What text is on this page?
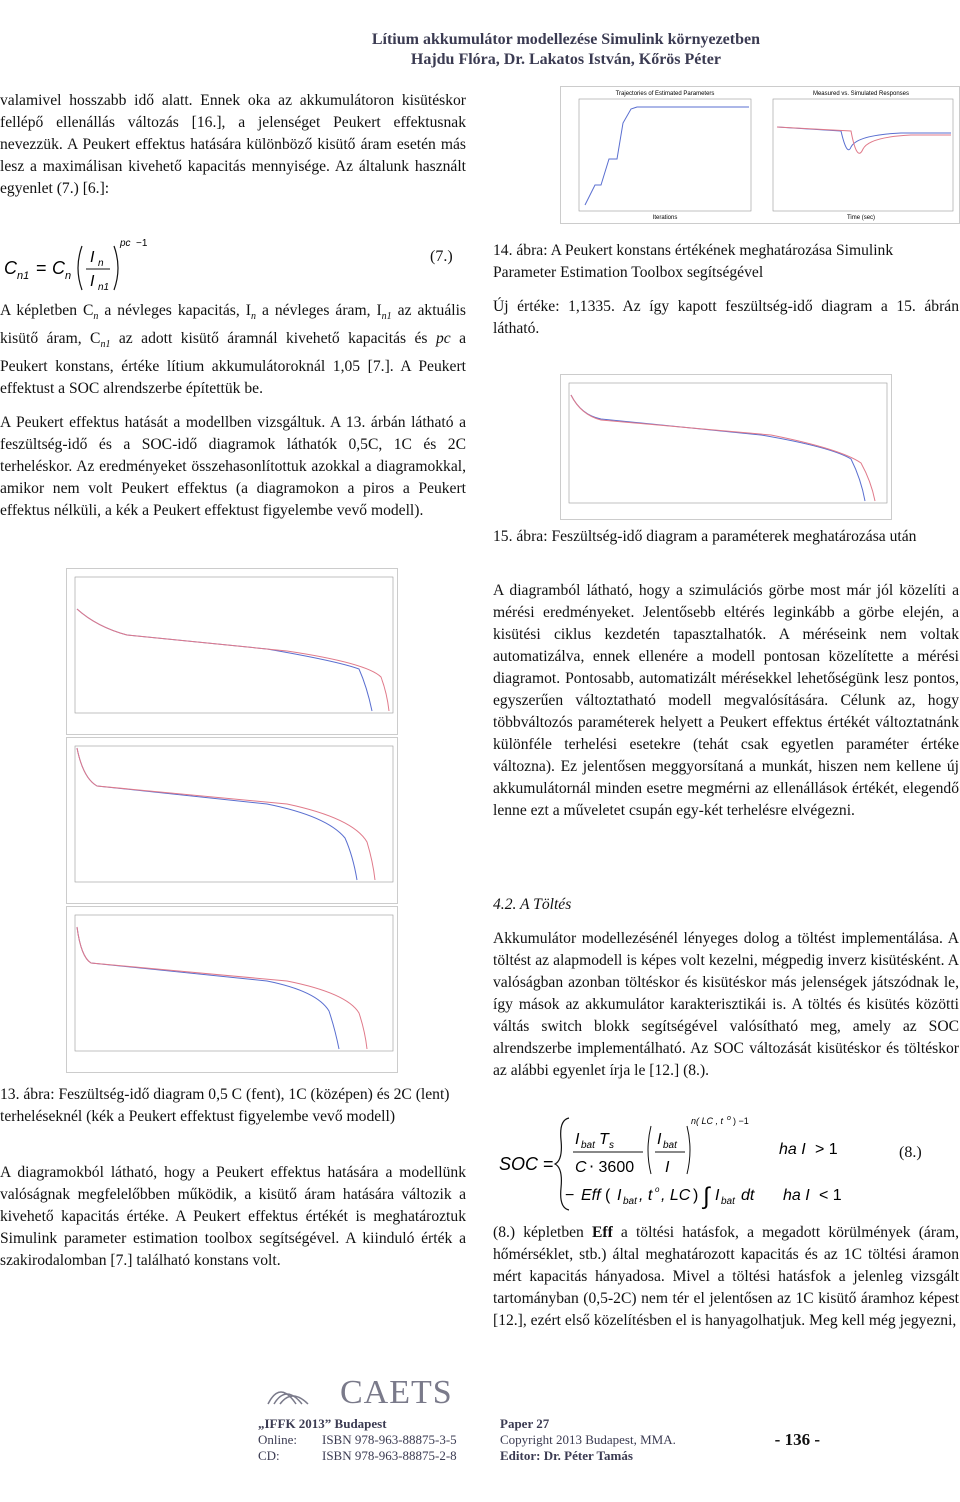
Lítium akkumulátor modellezése Simulink környezetben
Hajdu Flóra, Dr. Lakatos István, Kőrös Péter

valamivel hosszabb idő alatt. Ennek oka az akkumulátoron kisütéskor fellépő ellenállás változás [16.], a jelenséget Peukert effektusnak nevezzük. A Peukert effektus hatására különböző kisütő áram esetén más lesz a maximálisan kivehető kapacitás mennyisége. Az általunk használt egyenlet (7.) [6.]:

C n1 = C n
I n
I n1
pc −1
(7.)

A képletben $C_n$ a névleges kapacitás, $I_n$ a névleges áram, $I_{n1}$ az aktuális kisütő áram, $C_{n1}$ az adott kisütő áramnál kivehető kapacitás és pc a Peukert konstans, értéke lítium akkumulátoroknál 1,05 [7.]. A Peukert effektust a SOC alrendszerbe építettük be.

A Peukert effektus hatását a modellben vizsgáltuk. A 13. árbán látható a feszültség-idő és a SOC-idő diagramok láthatók 0,5C, 1C és 2C terheléskor. Az eredményeket összehasonlítottuk azokkal a diagramokkal, amikor nem volt Peukert effektus (a diagramokon a piros a Peukert effektus nélküli, a kék a Peukert effektust figyelembe vevő modell).

13. ábra: Feszültség-idő diagram 0,5 C (fent), 1C (középen) és 2C (lent) terheléseknél (kék a Peukert effektust figyelembe vevő modell)
A diagramokból látható, hogy a Peukert effektus hatására a modellünk valóságnak megfelelőbben működik, a kisütő áram hatására változik a kivehető kapacitás értéke. A Peukert effektus értékét is meghatároztuk Simulink parameter estimation toolbox segítségével. A kiinduló érték a szakirodalomban [7.] található konstans volt.
Trajectories of Estimated Parameters	Measured vs. Simulated Responses
Iterations	Time (sec)
14. ábra: A Peukert konstans értékének meghatározása Simulink Parameter Estimation Toolbox segítségével
Új értéke: 1,1335. Az így kapott feszültség-idő diagram a 15. ábrán látható.
15. ábra: Feszültség-idő diagram a paraméterek meghatározása után
A diagramból látható, hogy a szimulációs görbe most már jól közelíti a mérési eredményeket. Jelentősebb eltérés leginkább a görbe elején, a kisütési ciklus kezdetén tapasztalhatók. A méréseink nem voltak automatizálva, ennek ellenére a modell pontosan közelítette a mérési diagramot. Pontosabb, automatizált mérésekkel lehetőségünk lesz pontos, egyszerűen változtatható modell megvalósítására. Célunk az, hogy többváltozós paraméterek helyett a Peukert effektus értékét változtatnánk különféle terhelési esetekre (tehát csak egyetlen paraméter értéke változna). Ez jelentősen meggyorsítaná a munkát, hiszen nem kellene új akkumulátornál minden esetre megmérni az ellenállások értékét, elegendő lenne ezt a műveletet csupán egy-két terhelésre elvégezni.
4.2. A Töltés
Akkumulátor modellezésénél lényeges dolog a töltést implementálása. A töltést az alapmodell is képes volt kezelni, mégpedig inverz kisütésként. A valóságban azonban töltéskor és kisütéskor más jelenségek játszódnak le, így mások az akkumulátor karakterisztikái is. A töltés és kisütés közötti váltás switch blokk segítségével valósítható meg, amely az SOC alrendszerbe implementálható. Az SOC változását kisütéskor és töltéskor az alábbi egyenlet írja le [12.] (8.).
SOC =
I bat T s
C ⋅ 3600
I bat
I
n( LC , t o ) −1
ha I > 1
− Eff ( I bat , t o , LC ) ∫ I bat dt ha I < 1
(8.)
(8.) képletben Eff a töltési hatásfok, a megadott körülmények (áram, hőmérséklet, stb.) által meghatározott kapacitás és az 1C töltési áramon mért kapacitás hányadosa. Mivel a töltési hatásfok a jelenleg vizsgált tartományban (0,5-2C) nem tér el jelentősen az 1C kisütő áramhoz képest [12.], ezért első közelítésben el is hanyagolhatjuk. Meg kell még jegyezni,
CAETS
„IFFK 2013” Budapest
Online: ISBN 978-963-88875-3-5
CD:	ISBN 978-963-88875-2-8
Paper 27
Copyright 2013 Budapest, MMA.
Editor: Dr. Péter Tamás
- 136 -
